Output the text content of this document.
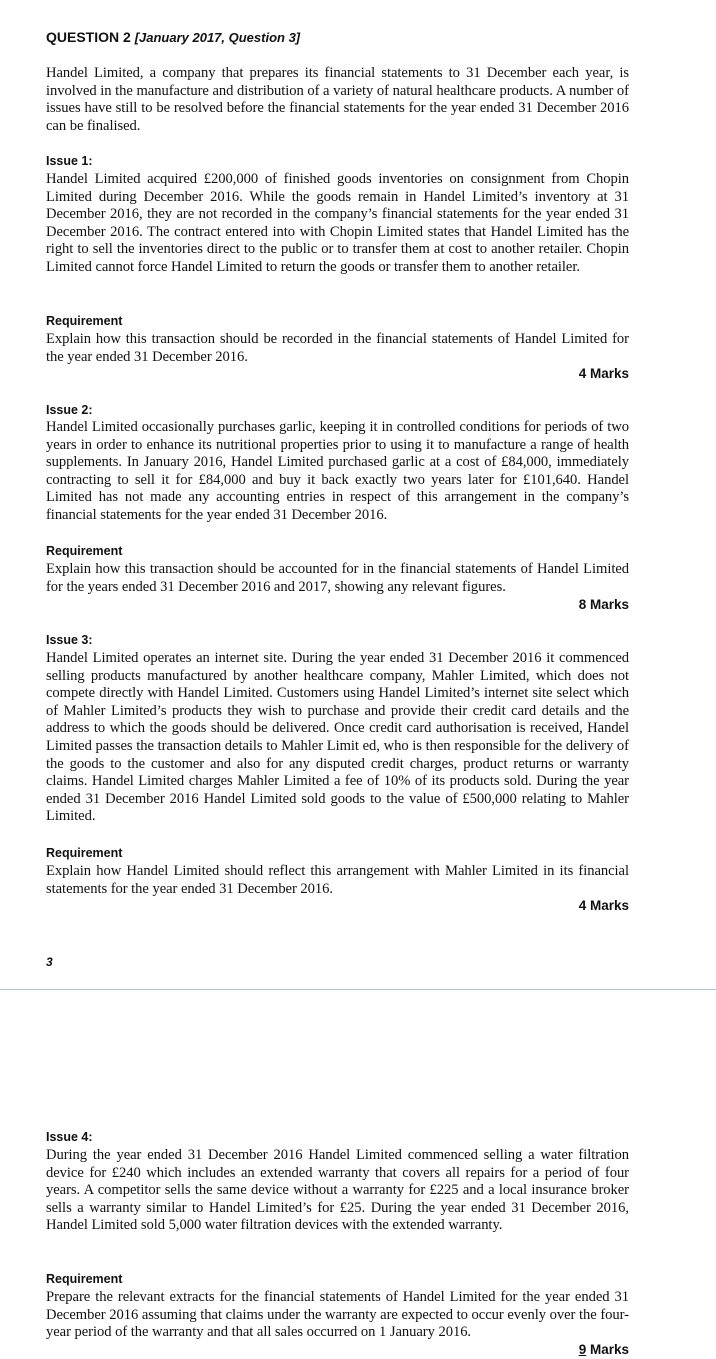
QUESTION 2 [January 2017, Question 3]
Handel Limited, a company that prepares its financial statements to 31 December each year, is involved in the manufacture and distribution of a variety of natural healthcare products. A number of issues have still to be resolved before the financial statements for the year ended 31 December 2016 can be finalised.
Issue 1:
Handel Limited acquired £200,000 of finished goods inventories on consignment from Chopin Limited during December 2016. While the goods remain in Handel Limited’s inventory at 31 December 2016, they are not recorded in the company’s financial statements for the year ended 31 December 2016. The contract entered into with Chopin Limited states that Handel Limited has the right to sell the inventories direct to the public or to transfer them at cost to another retailer. Chopin Limited cannot force Handel Limited to return the goods or transfer them to another retailer.
Requirement
Explain how this transaction should be recorded in the financial statements of Handel Limited for the year ended 31 December 2016.
4 Marks
Issue 2:
Handel Limited occasionally purchases garlic, keeping it in controlled conditions for periods of two years in order to enhance its nutritional properties prior to using it to manufacture a range of health supplements. In January 2016, Handel Limited purchased garlic at a cost of £84,000, immediately contracting to sell it for £84,000 and buy it back exactly two years later for £101,640. Handel Limited has not made any accounting entries in respect of this arrangement in the company’s financial statements for the year ended 31 December 2016.
Requirement
Explain how this transaction should be accounted for in the financial statements of Handel Limited for the years ended 31 December 2016 and 2017, showing any relevant figures.
8 Marks
Issue 3:
Handel Limited operates an internet site. During the year ended 31 December 2016 it commenced selling products manufactured by another healthcare company, Mahler Limited, which does not compete directly with Handel Limited. Customers using Handel Limited’s internet site select which of Mahler Limited’s products they wish to purchase and provide their credit card details and the address to which the goods should be delivered. Once credit card authorisation is received, Handel Limited passes the transaction details to Mahler Limit ed, who is then responsible for the delivery of the goods to the customer and also for any disputed credit charges, product returns or warranty claims. Handel Limited charges Mahler Limited a fee of 10% of its products sold. During the year ended 31 December 2016 Handel Limited sold goods to the value of £500,000 relating to Mahler Limited.
Requirement
Explain how Handel Limited should reflect this arrangement with Mahler Limited in its financial statements for the year ended 31 December 2016.
4 Marks
3
Issue 4:
During the year ended 31 December 2016 Handel Limited commenced selling a water filtration device for £240 which includes an extended warranty that covers all repairs for a period of four years. A competitor sells the same device without a warranty for £225 and a local insurance broker sells a warranty similar to Handel Limited’s for £25. During the year ended 31 December 2016, Handel Limited sold 5,000 water filtration devices with the extended warranty.
Requirement
Prepare the relevant extracts for the financial statements of Handel Limited for the year ended 31 December 2016 assuming that claims under the warranty are expected to occur evenly over the four-year period of the warranty and that all sales occurred on 1 January 2016.
9 Marks
